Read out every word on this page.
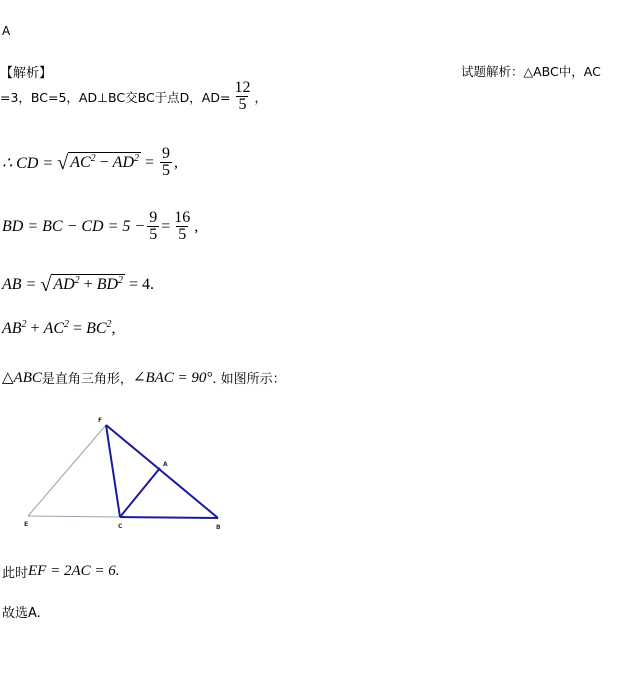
A
【解析】	试题解析：△ABC中，AC
=3，BC=5，AD⊥BC交BC于点D，$AD= \frac{12}{5}$ ，
∴ CD = √ $AC^2 - AD^2 = \frac{9}{5}$ ,
BD = BC − CD = $5 - \frac{9}{5} = \frac{16}{5}$ ,
AB = √ $AD^2 + BD^2 = 4$.
$AB^2 + AC^2 = BC^2$,
△ABC 是直角三角形， ∠BAC = 90° . 如图所示：
F
A
E	C	B
此时 EF = 2AC = 6.
故选A.
